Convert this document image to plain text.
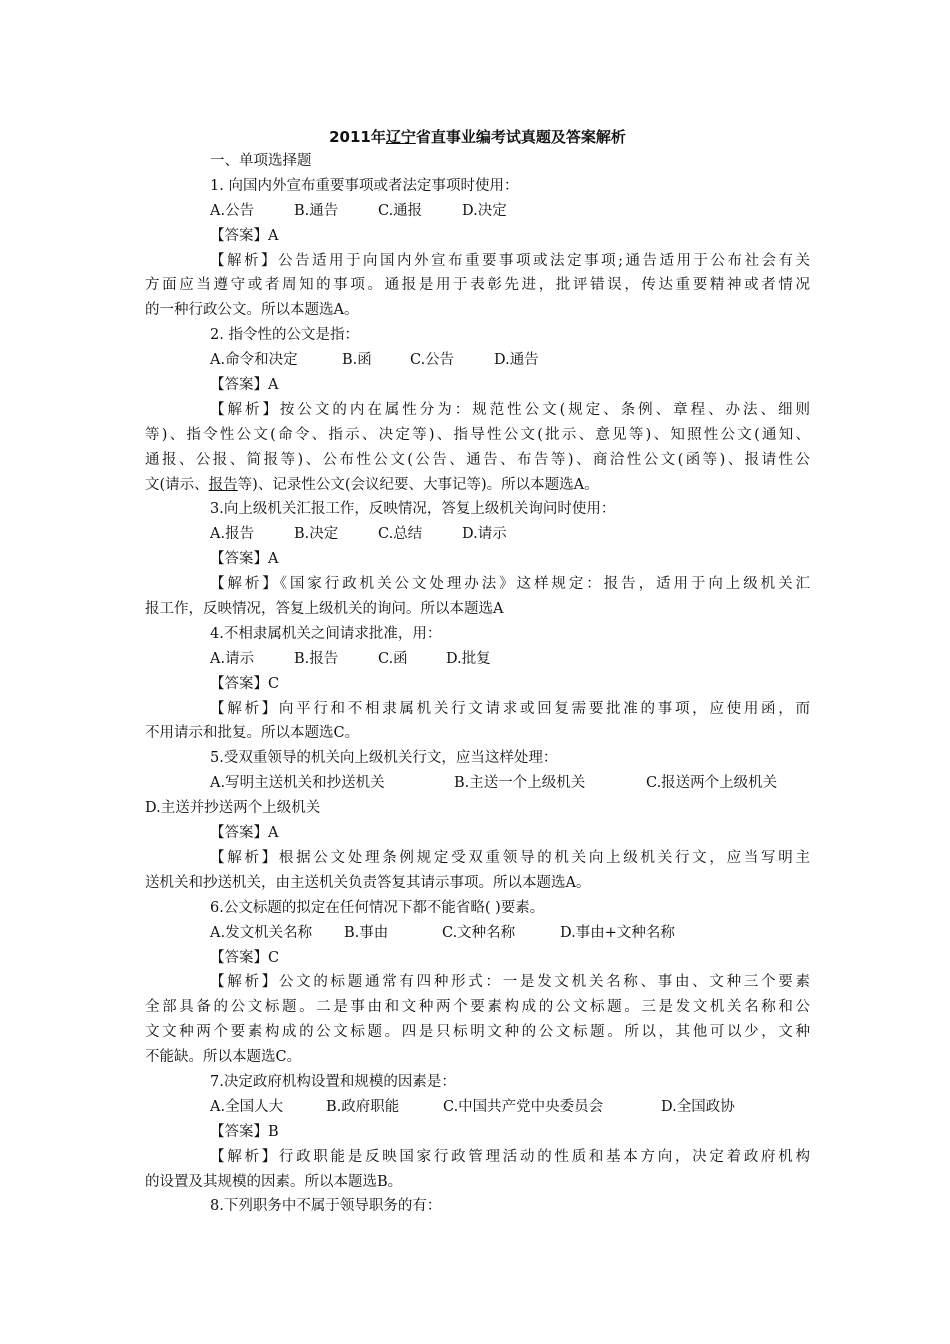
2011年辽宁省直事业编考试真题及答案解析
一、单项选择题
1. 向国内外宣布重要事项或者法定事项时使用：
A.公告	B.通告	C.通报	D.决定
【答案】A
【解析】公告适用于向国内外宣布重要事项或法定事项;通告适用于公布社会有关
方面应当遵守或者周知的事项。通报是用于表彰先进，批评错误，传达重要精神或者情况
的一种行政公文。所以本题选A。
2. 指令性的公文是指：
A.命令和决定	B.函	C.公告	D.通告
【答案】A
【解析】按公文的内在属性分为：规范性公文(规定、条例、章程、办法、细则
等)、指令性公文(命令、指示、决定等)、指导性公文(批示、意见等)、知照性公文(通知、
通报、公报、简报等)、公布性公文(公告、通告、布告等)、商洽性公文(函等)、报请性公
文(请示、报告等)、记录性公文(会议纪要、大事记等)。所以本题选A。
3.向上级机关汇报工作，反映情况，答复上级机关询问时使用：
A.报告	B.决定	C.总结	D.请示
【答案】A
【解析】《国家行政机关公文处理办法》这样规定：报告，适用于向上级机关汇
报工作，反映情况，答复上级机关的询问。所以本题选A
4.不相隶属机关之间请求批准，用：
A.请示	B.报告	C.函	D.批复
【答案】C
【解析】向平行和不相隶属机关行文请求或回复需要批准的事项，应使用函，而
不用请示和批复。所以本题选C。
5.受双重领导的机关向上级机关行文，应当这样处理：
A.写明主送机关和抄送机关	B.主送一个上级机关	C.报送两个上级机关
D.主送并抄送两个上级机关
【答案】A
【解析】根据公文处理条例规定受双重领导的机关向上级机关行文，应当写明主
送机关和抄送机关，由主送机关负责答复其请示事项。所以本题选A。
6.公文标题的拟定在任何情况下都不能省略( )要素。
A.发文机关名称 B.事由	C.文种名称	D.事由+文种名称
【答案】C
【解析】公文的标题通常有四种形式：一是发文机关名称、事由、文种三个要素
全部具备的公文标题。二是事由和文种两个要素构成的公文标题。三是发文机关名称和公
文文种两个要素构成的公文标题。四是只标明文种的公文标题。所以，其他可以少，文种
不能缺。所以本题选C。
7.决定政府机构设置和规模的因素是：
A.全国人大	B.政府职能	C.中国共产党中央委员会	D.全国政协
【答案】B
【解析】行政职能是反映国家行政管理活动的性质和基本方向，决定着政府机构
的设置及其规模的因素。所以本题选B。
8.下列职务中不属于领导职务的有：
